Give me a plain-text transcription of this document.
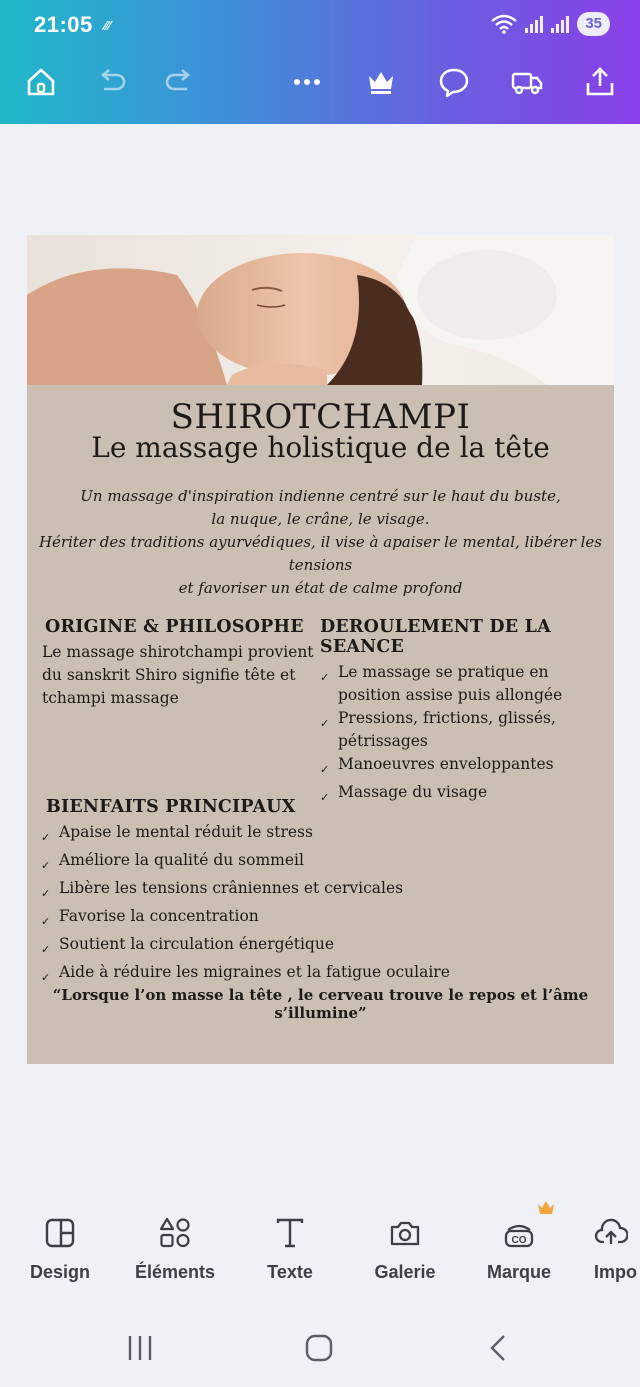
21:05 ⁄⁄⁄	35
SHIROTCHAMPI
Le massage holistique de la tête
Un massage d'inspiration indienne centré sur le haut du buste,
la nuque, le crâne, le visage.
Hériter des traditions ayurvédiques, il vise à apaiser le mental, libérer les tensions
et favoriser un état de calme profond
ORIGINE & PHILOSOPHE
Le massage shirotchampi provient
du sanskrit Shiro signifie tête et
tchampi massage
DEROULEMENT DE LA SEANCE
✓ Le massage se pratique en position assise puis allongée
✓ Pressions, frictions, glissés, pétrissages
✓ Manoeuvres enveloppantes
✓ Massage du visage
BIENFAITS PRINCIPAUX
✓ Apaise le mental réduit le stress
✓ Améliore la qualité du sommeil
✓ Libère les tensions crâniennes et cervicales
✓ Favorise la concentration
✓ Soutient la circulation énergétique
✓ Aide à réduire les migraines et la fatigue oculaire
“Lorsque l’on masse la tête , le cerveau trouve le repos et l’âme s’illumine”
Design	Éléments	Texte	Galerie
CO
Marque	Impo
